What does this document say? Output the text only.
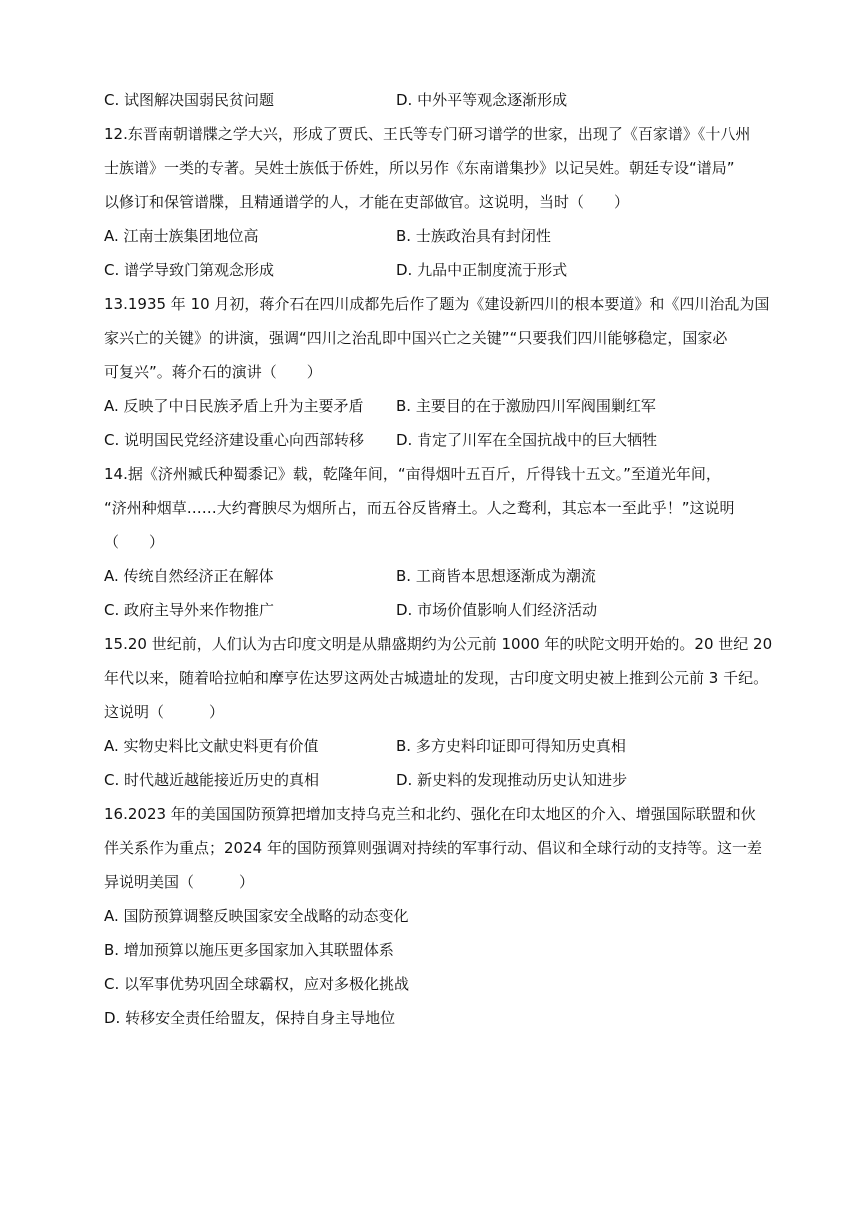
C. 试图解决国弱民贫问题	D. 中外平等观念逐渐形成
12.东晋南朝谱牒之学大兴，形成了贾氏、王氏等专门研习谱学的世家，出现了《百家谱》《十八州
士族谱》一类的专著。吴姓士族低于侨姓，所以另作《东南谱集抄》以记吴姓。朝廷专设“谱局”
以修订和保管谱牒，且精通谱学的人，才能在吏部做官。这说明，当时（　　）
A. 江南士族集团地位高	B. 士族政治具有封闭性
C. 谱学导致门第观念形成	D. 九品中正制度流于形式
13.1935 年 10 月初，蒋介石在四川成都先后作了题为《建设新四川的根本要道》和《四川治乱为国
家兴亡的关键》的讲演，强调“四川之治乱即中国兴亡之关键”“只要我们四川能够稳定，国家必
可复兴”。蒋介石的演讲（　　）
A. 反映了中日民族矛盾上升为主要矛盾	B. 主要目的在于激励四川军阀围剿红军
C. 说明国民党经济建设重心向西部转移	D. 肯定了川军在全国抗战中的巨大牺牲
14.据《济州臧氏种蜀黍记》载，乾隆年间，“亩得烟叶五百斤，斤得钱十五文。”至道光年间，
“济州种烟草……大约膏腴尽为烟所占，而五谷反皆瘠土。人之鹜利，其忘本一至此乎！”这说明
（　　）
A. 传统自然经济正在解体	B. 工商皆本思想逐渐成为潮流
C. 政府主导外来作物推广	D. 市场价值影响人们经济活动
15.20 世纪前，人们认为古印度文明是从鼎盛期约为公元前 1000 年的吠陀文明开始的。20 世纪 20
年代以来，随着哈拉帕和摩亨佐达罗这两处古城遗址的发现，古印度文明史被上推到公元前 3 千纪。
这说明（　　　）
A. 实物史料比文献史料更有价值	B. 多方史料印证即可得知历史真相
C. 时代越近越能接近历史的真相	D. 新史料的发现推动历史认知进步
16.2023 年的美国国防预算把增加支持乌克兰和北约、强化在印太地区的介入、增强国际联盟和伙
伴关系作为重点；2024 年的国防预算则强调对持续的军事行动、倡议和全球行动的支持等。这一差
异说明美国（　　　）
A. 国防预算调整反映国家安全战略的动态变化
B. 增加预算以施压更多国家加入其联盟体系
C. 以军事优势巩固全球霸权，应对多极化挑战
D. 转移安全责任给盟友，保持自身主导地位
